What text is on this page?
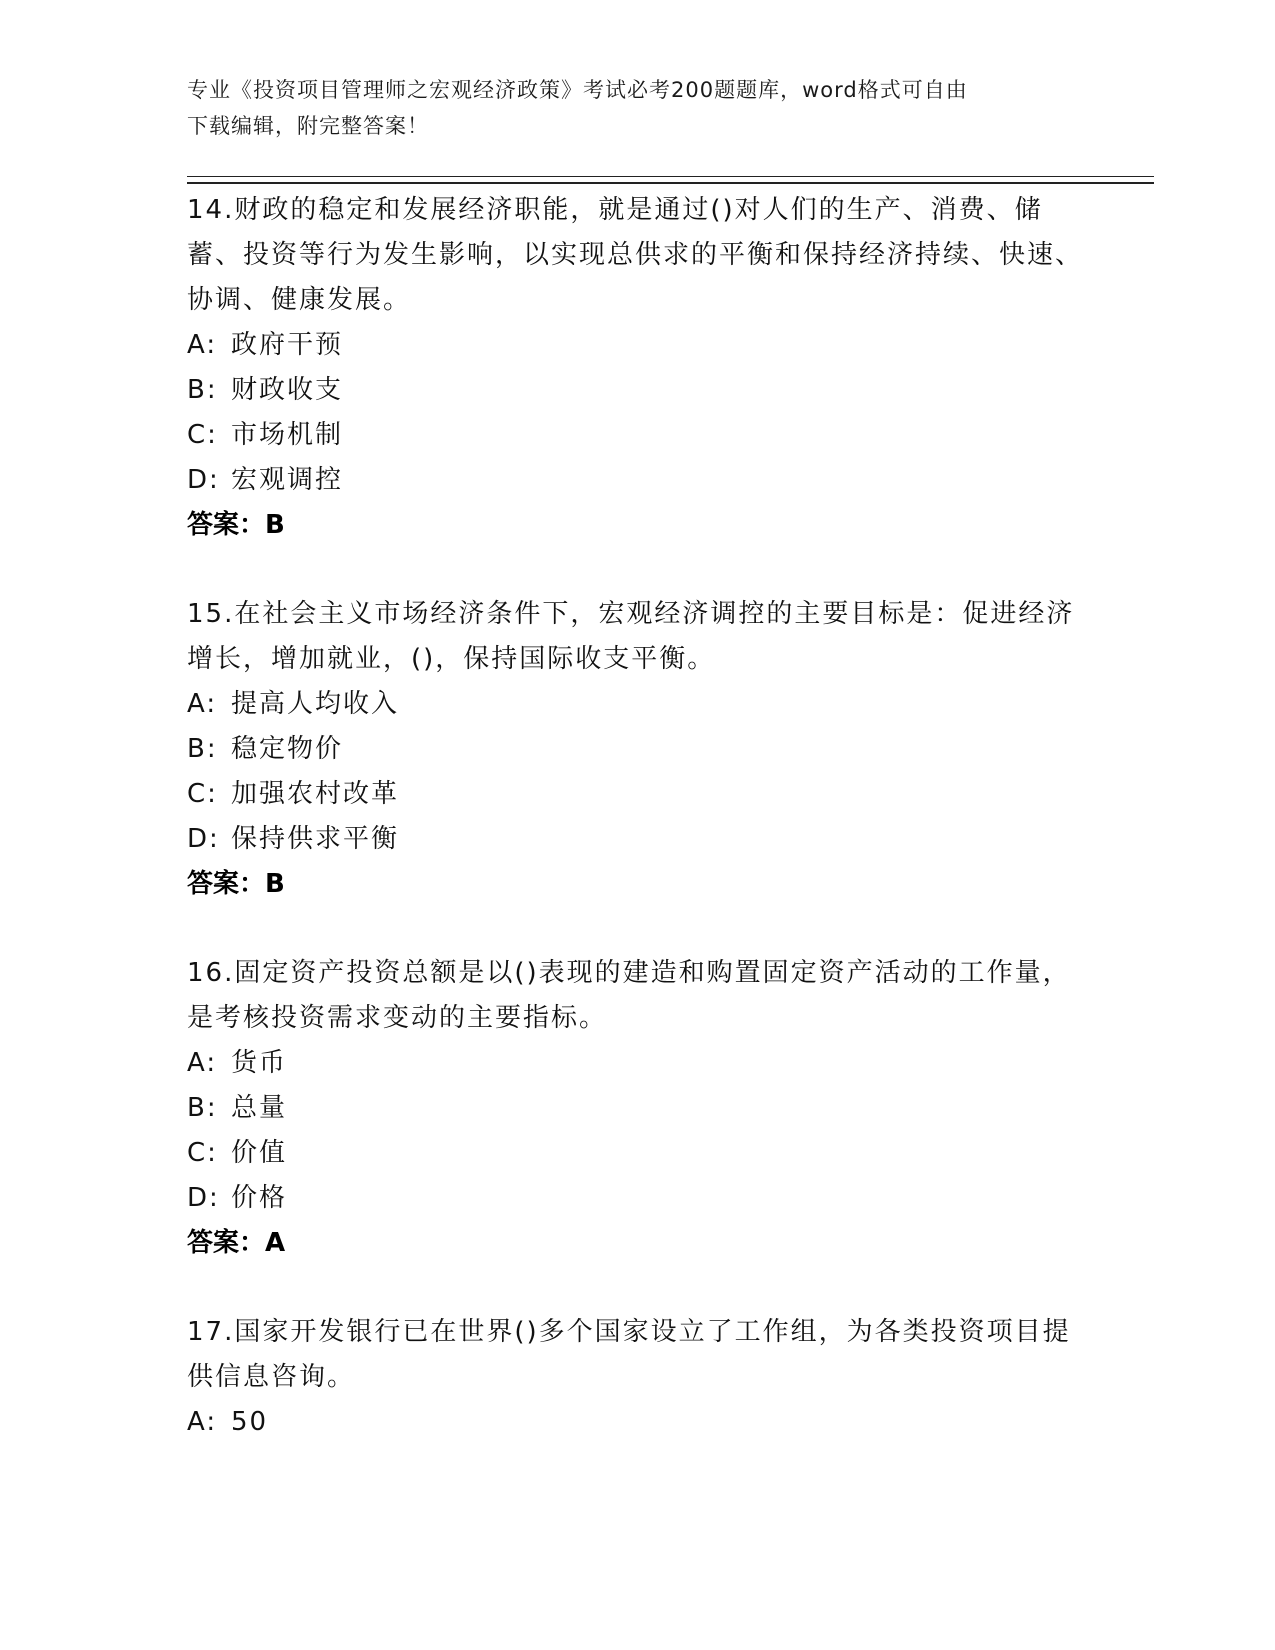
专业《投资项目管理师之宏观经济政策》考试必考200题题库，word格式可自由
下载编辑，附完整答案！
14.财政的稳定和发展经济职能，就是通过()对人们的生产、消费、储蓄、投资等行为发生影响，以实现总供求的平衡和保持经济持续、快速、协调、健康发展。
A: 政府干预
B: 财政收支
C: 市场机制
D: 宏观调控
答案：B
15.在社会主义市场经济条件下，宏观经济调控的主要目标是：促进经济增长，增加就业，()，保持国际收支平衡。
A: 提高人均收入
B: 稳定物价
C: 加强农村改革
D: 保持供求平衡
答案：B
16.固定资产投资总额是以()表现的建造和购置固定资产活动的工作量，是考核投资需求变动的主要指标。
A: 货币
B: 总量
C: 价值
D: 价格
答案：A
17.国家开发银行已在世界()多个国家设立了工作组，为各类投资项目提供信息咨询。
A: 50
